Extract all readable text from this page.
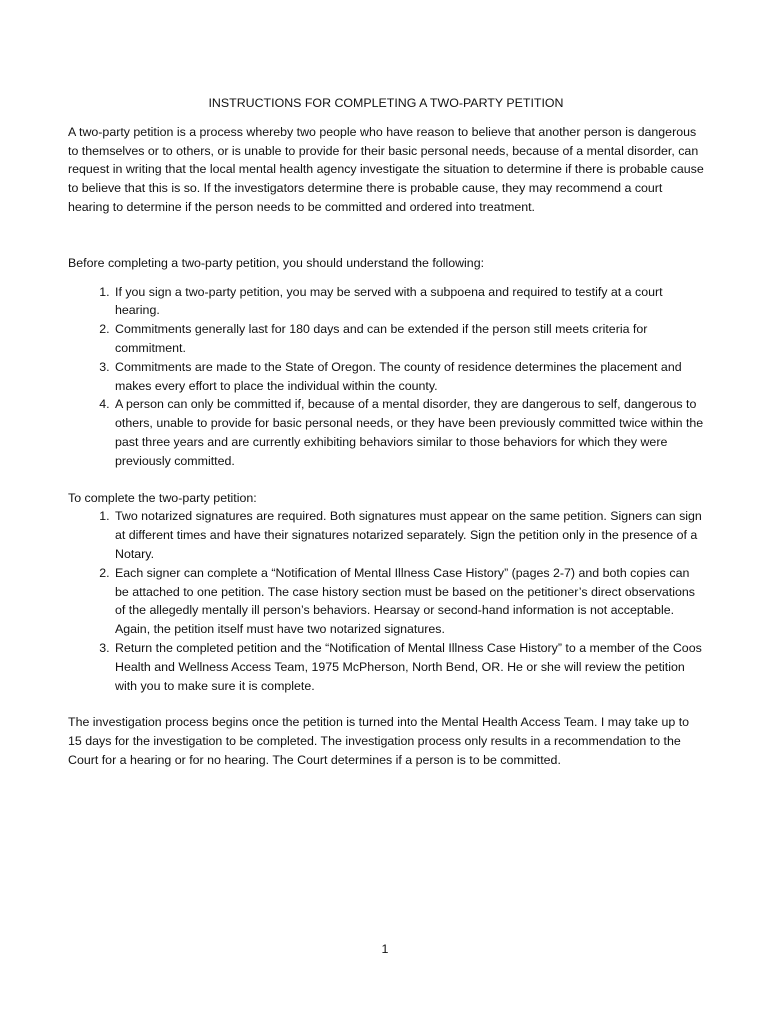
INSTRUCTIONS FOR COMPLETING A TWO-PARTY PETITION

A two-party petition is a process whereby two people who have reason to believe that another person is dangerous to themselves or to others, or is unable to provide for their basic personal needs, because of a mental disorder, can request in writing that the local mental health agency investigate the situation to determine if there is probable cause to believe that this is so. If the investigators determine there is probable cause, they may recommend a court hearing to determine if the person needs to be committed and ordered into treatment.

Before completing a two-party petition, you should understand the following:

1. If you sign a two-party petition, you may be served with a subpoena and required to testify at a court hearing.
2. Commitments generally last for 180 days and can be extended if the person still meets criteria for commitment.
3. Commitments are made to the State of Oregon. The county of residence determines the placement and makes every effort to place the individual within the county.
4. A person can only be committed if, because of a mental disorder, they are dangerous to self, dangerous to others, unable to provide for basic personal needs, or they have been previously committed twice within the past three years and are currently exhibiting behaviors similar to those behaviors for which they were previously committed.

To complete the two-party petition:

1. Two notarized signatures are required. Both signatures must appear on the same petition. Signers can sign at different times and have their signatures notarized separately. Sign the petition only in the presence of a Notary.
2. Each signer can complete a “Notification of Mental Illness Case History” (pages 2-7) and both copies can be attached to one petition. The case history section must be based on the petitioner’s direct observations of the allegedly mentally ill person’s behaviors. Hearsay or second-hand information is not acceptable. Again, the petition itself must have two notarized signatures.
3. Return the completed petition and the “Notification of Mental Illness Case History” to a member of the Coos Health and Wellness Access Team, 1975 McPherson, North Bend, OR. He or she will review the petition with you to make sure it is complete.

The investigation process begins once the petition is turned into the Mental Health Access Team. I may take up to 15 days for the investigation to be completed. The investigation process only results in a recommendation to the Court for a hearing or for no hearing. The Court determines if a person is to be committed.

1
